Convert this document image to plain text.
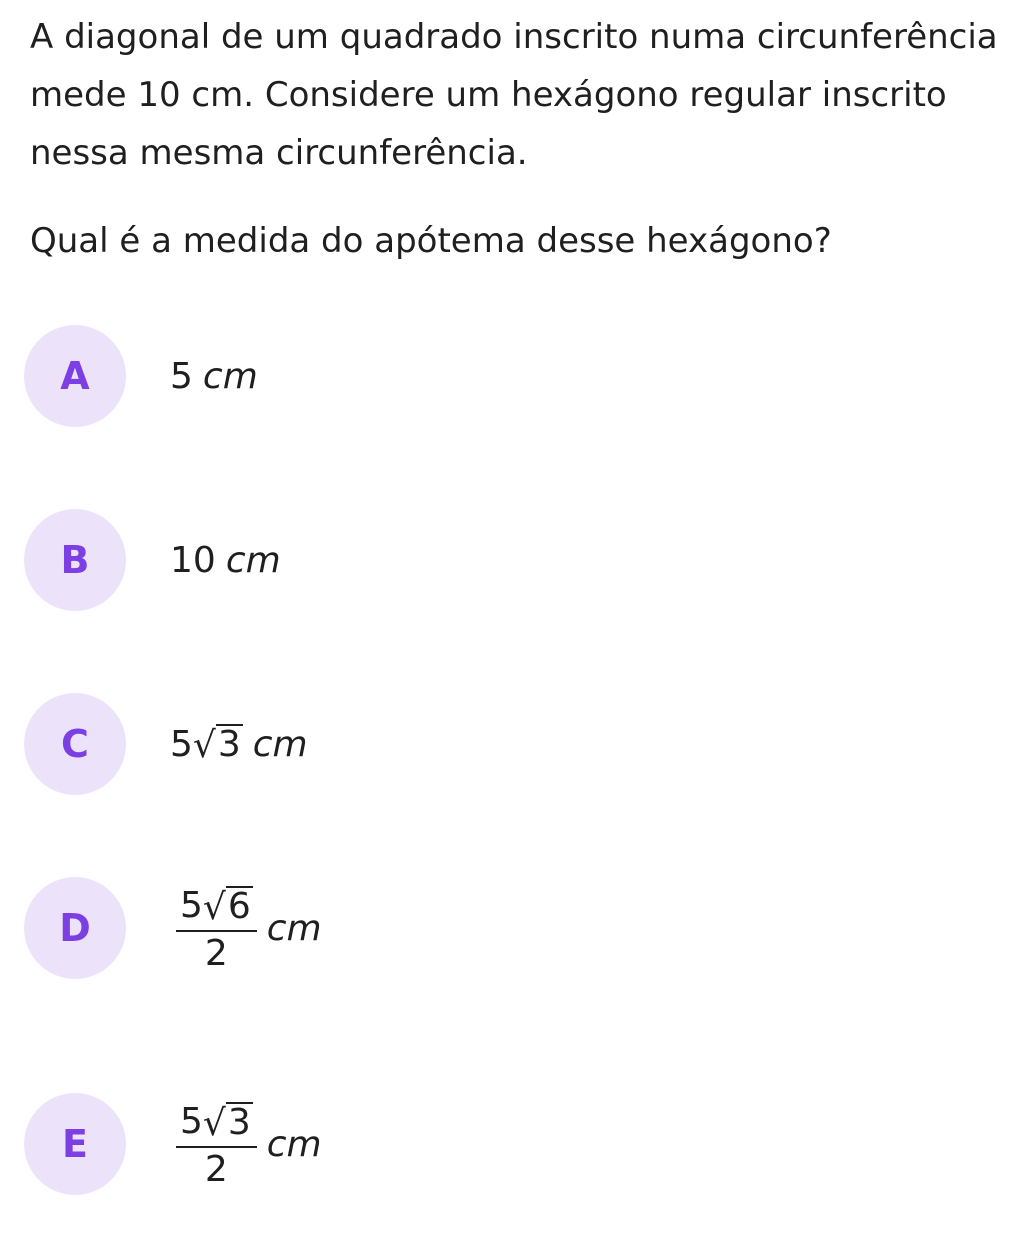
A diagonal de um quadrado inscrito numa circunferência mede 10 cm. Considere um hexágono regular inscrito nessa mesma circunferência.

Qual é a medida do apótema desse hexágono?

A	5 cm
B	10 cm
C	5 √ 3 cm
D	$\frac{5 √ 6}{2}$ cm
E	$\frac{5 √ 3}{2}$ cm
